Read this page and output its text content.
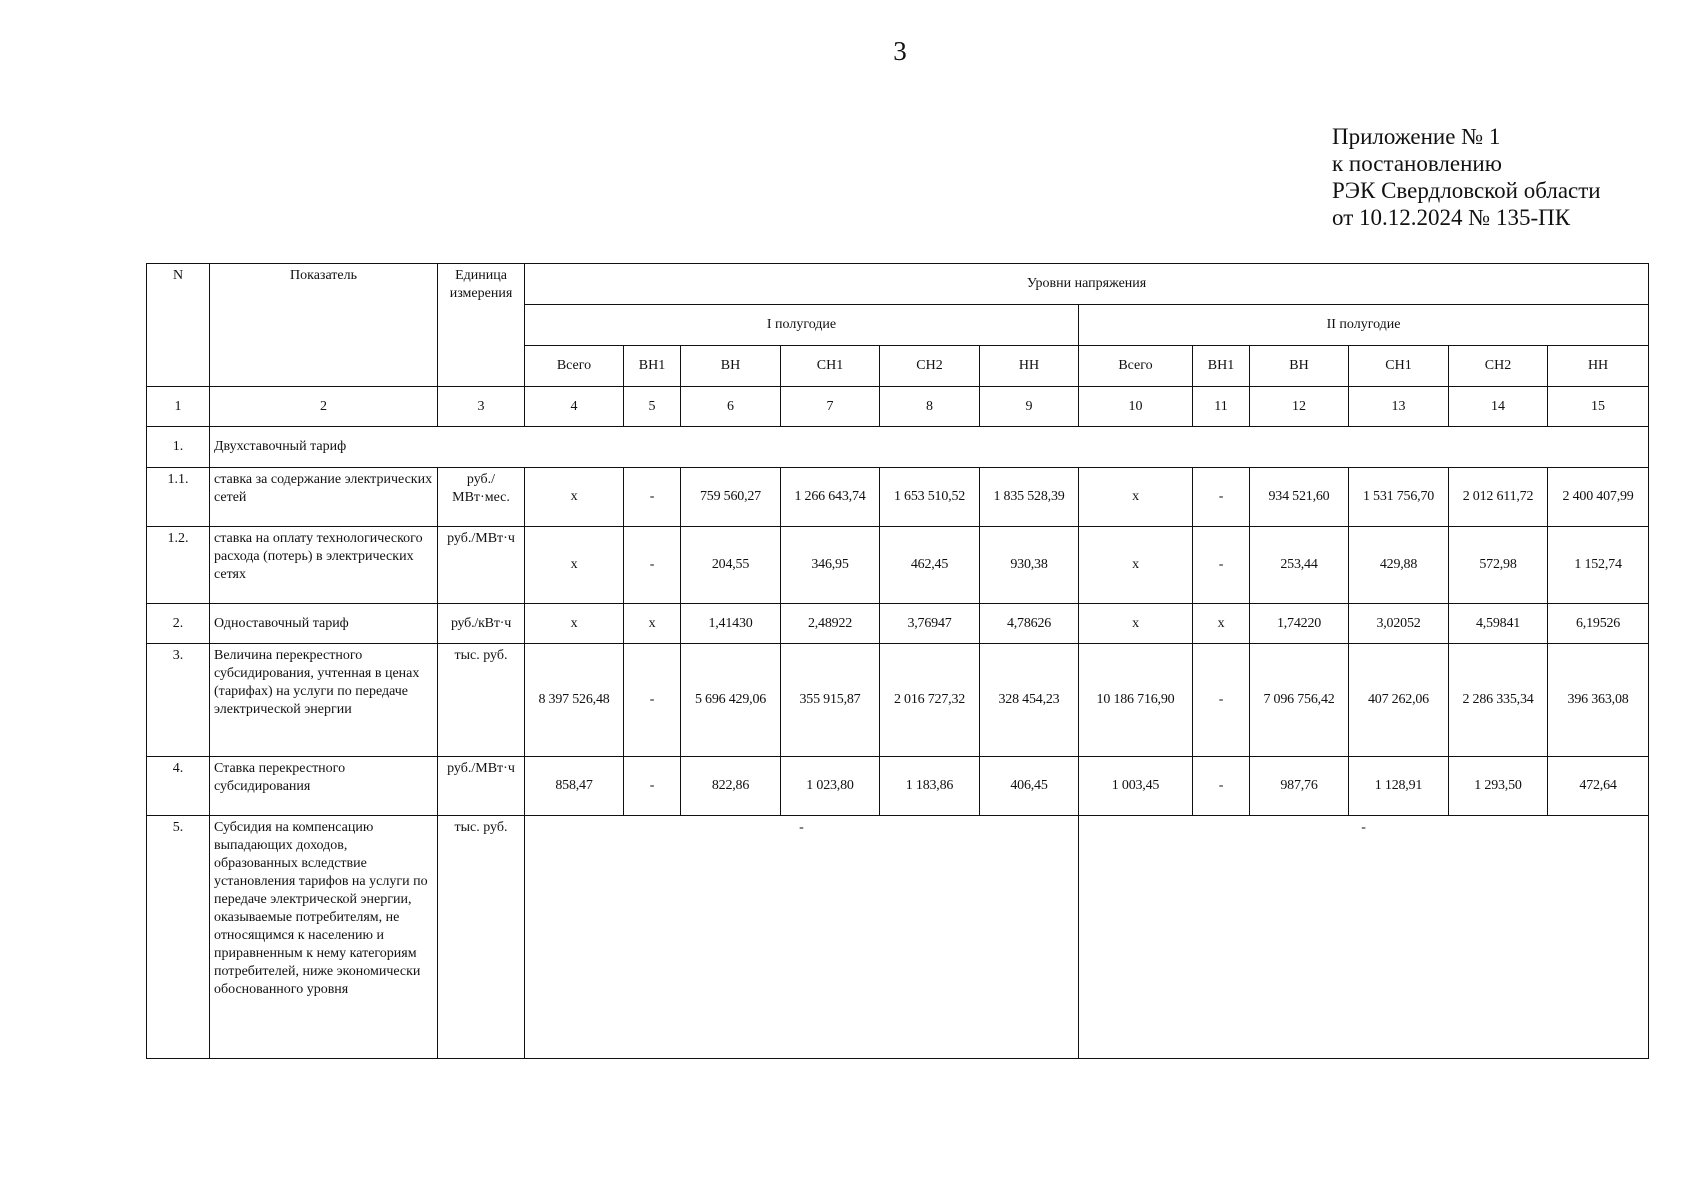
3
Приложение № 1
к постановлению
РЭК Свердловской области
от 10.12.2024 № 135-ПК
N	Показатель	Единица измерения	Уровни напряжения											
			I полугодие						II полугодие					
			Всего	ВН1	ВН	СН1	СН2	НН	Всего	ВН1	ВН	СН1	СН2	НН
1	2	3	4	5	6	7	8	9	10	11	12	13	14	15
1.	Двухставочный тариф													
1.1.	ставка за содержание электрических сетей	руб./МВт·мес.	х	-	759 560,27	1 266 643,74	1 653 510,52	1 835 528,39	х	-	934 521,60	1 531 756,70	2 012 611,72	2 400 407,99
1.2.	ставка на оплату технологического расхода (потерь) в электрических сетях	руб./МВт·ч	х	-	204,55	346,95	462,45	930,38	х	-	253,44	429,88	572,98	1 152,74
2.	Одноставочный тариф	руб./кВт·ч	х	х	1,41430	2,48922	3,76947	4,78626	х	х	1,74220	3,02052	4,59841	6,19526
3.	Величина перекрестного субсидирования, учтенная в ценах (тарифах) на услуги по передаче электрической энергии	тыс. руб.	8 397 526,48	-	5 696 429,06	355 915,87	2 016 727,32	328 454,23	10 186 716,90	-	7 096 756,42	407 262,06	2 286 335,34	396 363,08
4.	Ставка перекрестного субсидирования	руб./МВт·ч	858,47	-	822,86	1 023,80	1 183,86	406,45	1 003,45	-	987,76	1 128,91	1 293,50	472,64
5.	Субсидия на компенсацию выпадающих доходов, образованных вследствие установления тарифов на услуги по передаче электрической энергии, оказываемые потребителям, не относящимся к населению и приравненным к нему категориям потребителей, ниже экономически обоснованного уровня	тыс. руб.	-						-					
